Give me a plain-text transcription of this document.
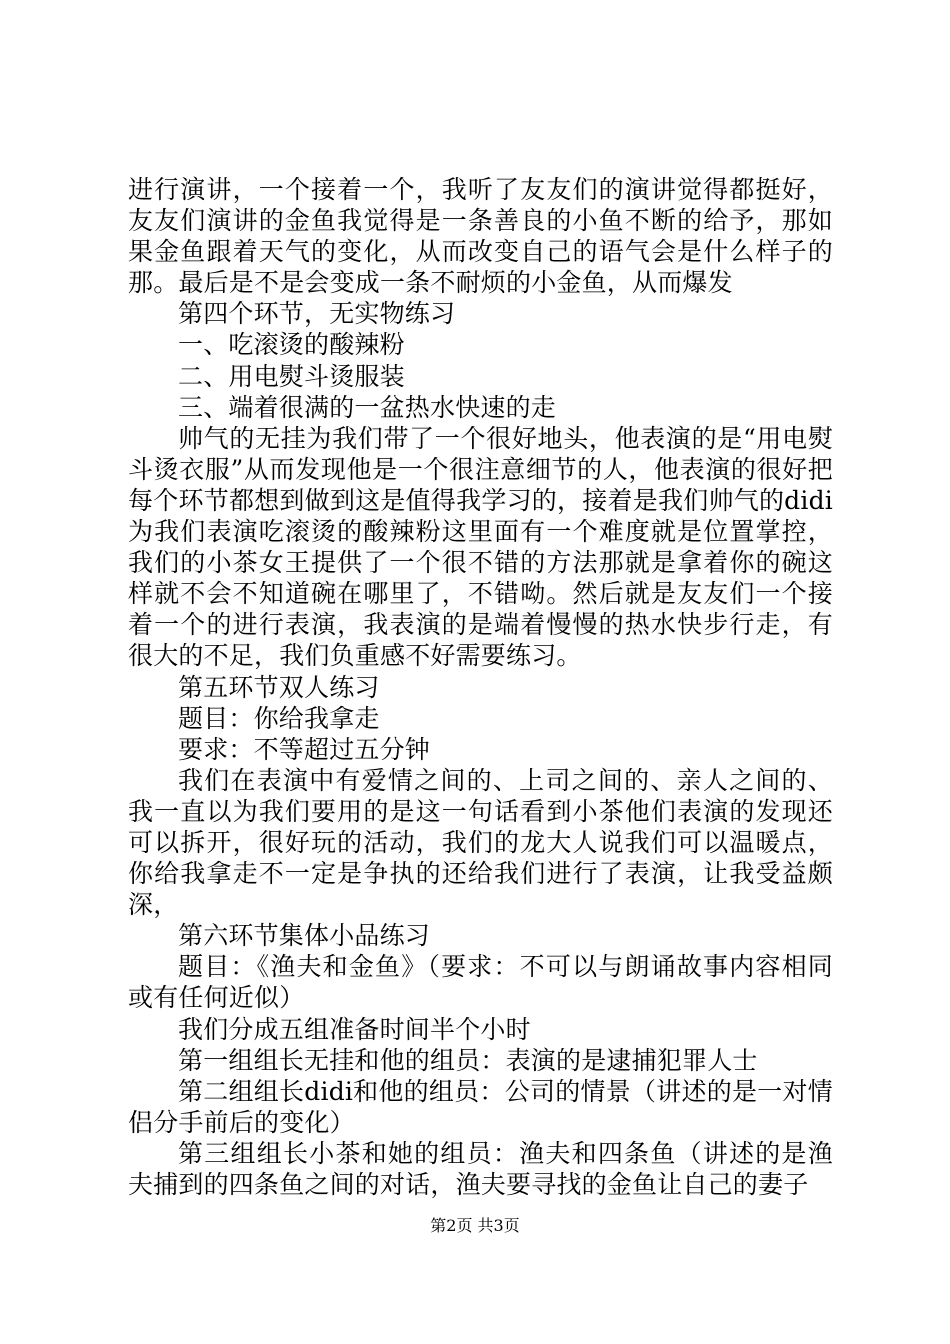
进行演讲，一个接着一个，我听了友友们的演讲觉得都挺好，友友们演讲的金鱼我觉得是一条善良的小鱼不断的给予，那如果金鱼跟着天气的变化，从而改变自己的语气会是什么样子的那。最后是不是会变成一条不耐烦的小金鱼，从而爆发

第四个环节，无实物练习

一、吃滚烫的酸辣粉

二、用电熨斗烫服装

三、端着很满的一盆热水快速的走

帅气的无挂为我们带了一个很好地头，他表演的是“用电熨斗烫衣服”从而发现他是一个很注意细节的人，他表演的很好把每个环节都想到做到这是值得我学习的，接着是我们帅气的didi为我们表演吃滚烫的酸辣粉这里面有一个难度就是位置掌控，我们的小茶女王提供了一个很不错的方法那就是拿着你的碗这样就不会不知道碗在哪里了，不错呦。然后就是友友们一个接着一个的进行表演，我表演的是端着慢慢的热水快步行走，有很大的不足，我们负重感不好需要练习。

第五环节双人练习

题目：你给我拿走

要求：不等超过五分钟

我们在表演中有爱情之间的、上司之间的、亲人之间的、我一直以为我们要用的是这一句话看到小茶他们表演的发现还可以拆开，很好玩的活动，我们的龙大人说我们可以温暖点，你给我拿走不一定是争执的还给我们进行了表演，让我受益颇深，

第六环节集体小品练习

题目：《渔夫和金鱼》（要求：不可以与朗诵故事内容相同或有任何近似）

我们分成五组准备时间半个小时

第一组组长无挂和他的组员：表演的是逮捕犯罪人士

第二组组长didi和他的组员：公司的情景（讲述的是一对情侣分手前后的变化）

第三组组长小茶和她的组员：渔夫和四条鱼（讲述的是渔夫捕到的四条鱼之间的对话，渔夫要寻找的金鱼让自己的妻子

第2页 共3页
